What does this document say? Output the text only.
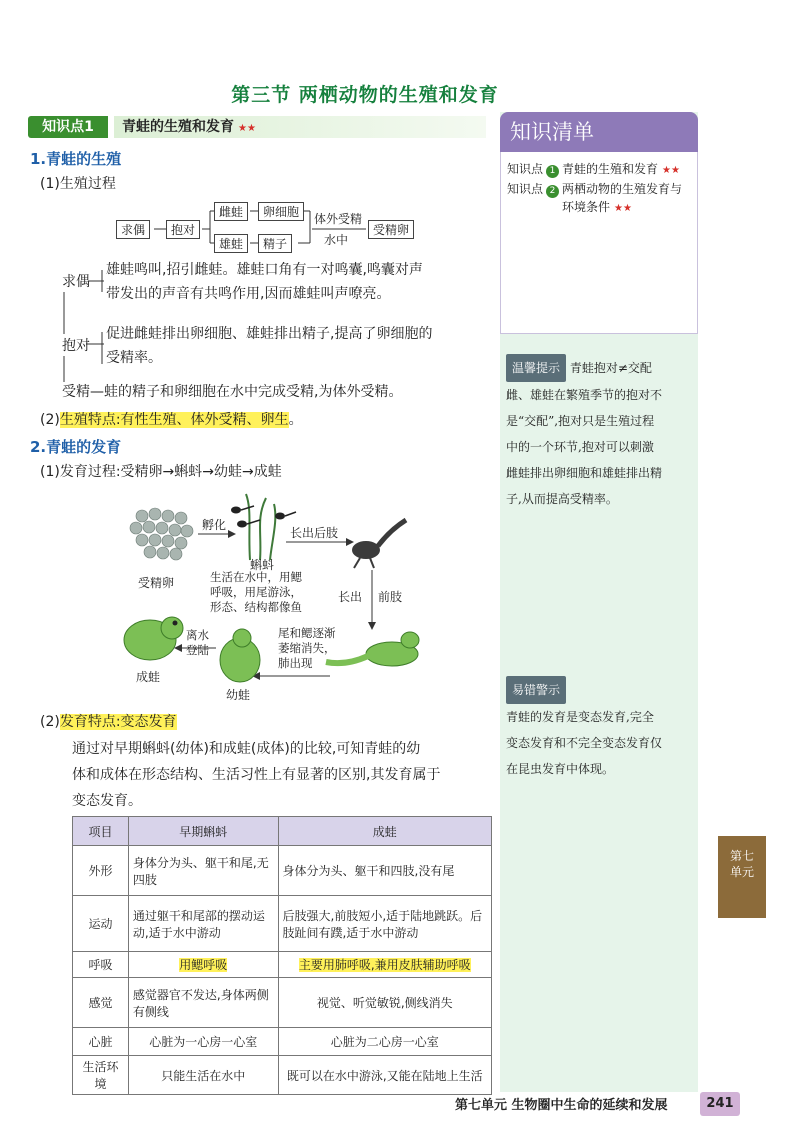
第三节 两栖动物的生殖和发育
知识点1	青蛙的生殖和发育 ★★
1.青蛙的生殖
(1)生殖过程
求偶	抱对
雌蛙	卵细胞
雄蛙	精子
体外受精
水中
受精卵
求偶
雄蛙鸣叫,招引雌蛙。雄蛙口角有一对鸣囊,鸣囊对声
带发出的声音有共鸣作用,因而雄蛙叫声嘹亮。
抱对
促进雌蛙排出卵细胞、雄蛙排出精子,提高了卵细胞的
受精率。
受精—蛙的精子和卵细胞在水中完成受精,为体外受精。
(2)生殖特点:有性生殖、体外受精、卵生。
2.青蛙的发育
(1)发育过程:受精卵→蝌蚪→幼蛙→成蛙
受精卵
孵化
蝌蚪
生活在水中，用鳃
呼吸，用尾游泳，
形态、结构都像鱼
长出后肢
长出 前肢
尾和鳃逐渐
萎缩消失，
肺出现
幼蛙
离水
登陆
成蛙
(2)发育特点:变态发育
通过对早期蝌蚪(幼体)和成蛙(成体)的比较,可知青蛙的幼
体和成体在形态结构、生活习性上有显著的区别,其发育属于
变态发育。
项目	早期蝌蚪	成蛙
外形	身体分为头、躯干和尾,无四肢	身体分为头、躯干和四肢,没有尾
运动	通过躯干和尾部的摆动运动,适于水中游动	后肢强大,前肢短小,适于陆地跳跃。后肢趾间有蹼,适于水中游动
呼吸	用鳃呼吸	主要用肺呼吸,兼用皮肤辅助呼吸
感觉	感觉器官不发达,身体两侧有侧线	视觉、听觉敏锐,侧线消失
心脏	心脏为一心房一心室	心脏为二心房一心室
生活环境	只能生活在水中	既可以在水中游泳,又能在陆地上生活
知识清单
知识点 1 青蛙的生殖和发育 ★★
知识点 2 两栖动物的生殖发育与
环境条件 ★★
温馨提示 青蛙抱对≠交配
雌、雄蛙在繁殖季节的抱对不
是“交配”,抱对只是生殖过程
中的一个环节,抱对可以刺激
雌蛙排出卵细胞和雄蛙排出精
子,从而提高受精率。
易错警示
青蛙的发育是变态发育,完全
变态发育和不完全变态发育仅
在昆虫发育中体现。
第七单元
第七单元 生物圈中生命的延续和发展	241
